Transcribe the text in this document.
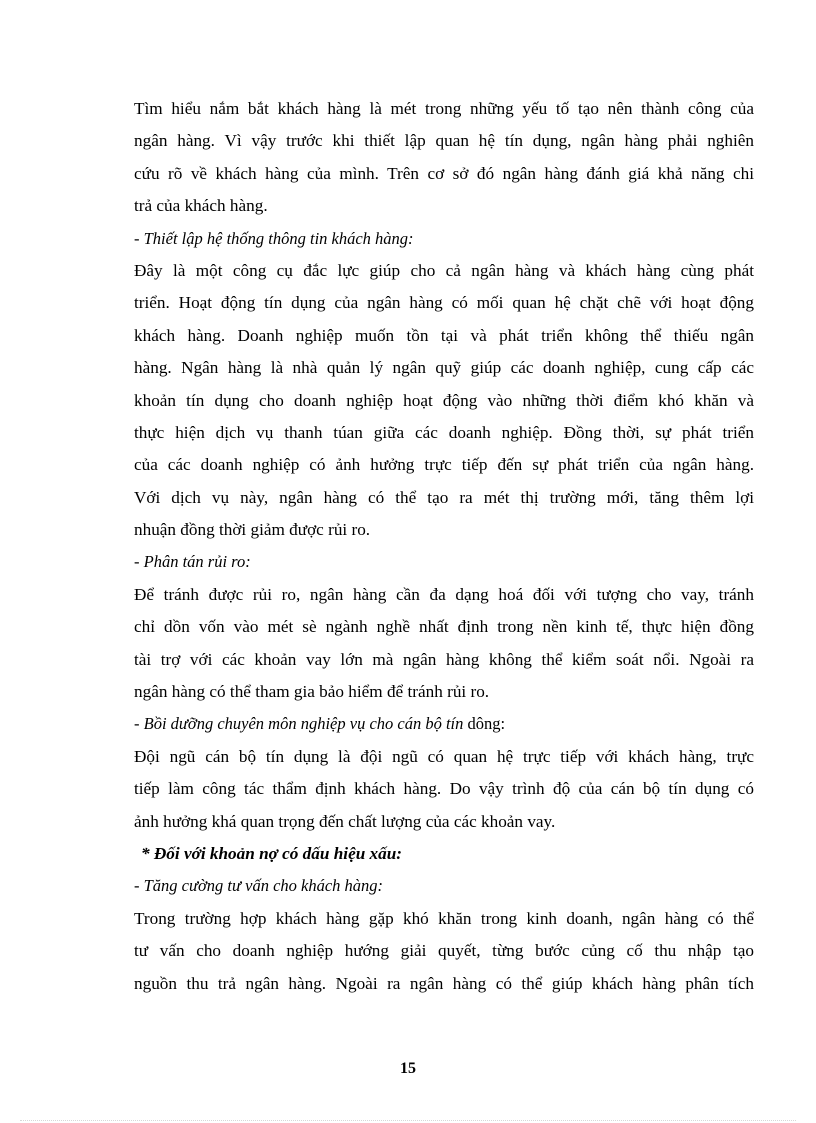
Tìm hiểu nắm bắt khách hàng là mét trong những yếu tố tạo nên thành công của
ngân hàng. Vì vậy trước khi thiết lập quan hệ tín dụng, ngân hàng phải nghiên
cứu rõ về khách hàng của mình. Trên cơ sở đó ngân hàng đánh giá khả năng chi
trả của khách hàng.
- Thiết lập hệ thống thông tin khách hàng:
Đây là một công cụ đắc lực giúp cho cả ngân hàng và khách hàng cùng phát
triển. Hoạt động tín dụng của ngân hàng có mối quan hệ chặt chẽ với hoạt động
khách hàng. Doanh nghiệp muốn tồn tại và phát triển không thể thiếu ngân
hàng. Ngân hàng là nhà quản lý ngân quỹ giúp các doanh nghiệp, cung cấp các
khoản tín dụng cho doanh nghiệp hoạt động vào những thời điểm khó khăn và
thực hiện dịch vụ thanh túan giữa các doanh nghiệp. Đồng thời, sự phát triển
của các doanh nghiệp có ảnh hưởng trực tiếp đến sự phát triển của ngân hàng.
Với dịch vụ này, ngân hàng có thể tạo ra mét thị trường mới, tăng thêm lợi
nhuận đồng thời giảm được rủi ro.
- Phân tán rủi ro:
Để tránh được rủi ro, ngân hàng cần đa dạng hoá đối với tượng cho vay, tránh
chỉ dồn vốn vào mét sè ngành nghề nhất định trong nền kinh tế, thực hiện đồng
tài trợ với các khoản vay lớn mà ngân hàng không thể kiểm soát nổi. Ngoài ra
ngân hàng có thể tham gia bảo hiểm để tránh rủi ro.
- Bồi dưỡng chuyên môn nghiệp vụ cho cán bộ tín dông:
Đội ngũ cán bộ tín dụng là đội ngũ có quan hệ trực tiếp với khách hàng, trực
tiếp làm công tác thẩm định khách hàng. Do vậy trình độ của cán bộ tín dụng có
ảnh hưởng khá quan trọng đến chất lượng của các khoản vay.
* Đối với khoản nợ có dấu hiệu xấu:
- Tăng cường tư vấn cho khách hàng:
Trong trường hợp khách hàng gặp khó khăn trong kinh doanh, ngân hàng có thể
tư vấn cho doanh nghiệp hướng giải quyết, từng bước củng cố thu nhập tạo
nguồn thu trả ngân hàng. Ngoài ra ngân hàng có thể giúp khách hàng phân tích
15
